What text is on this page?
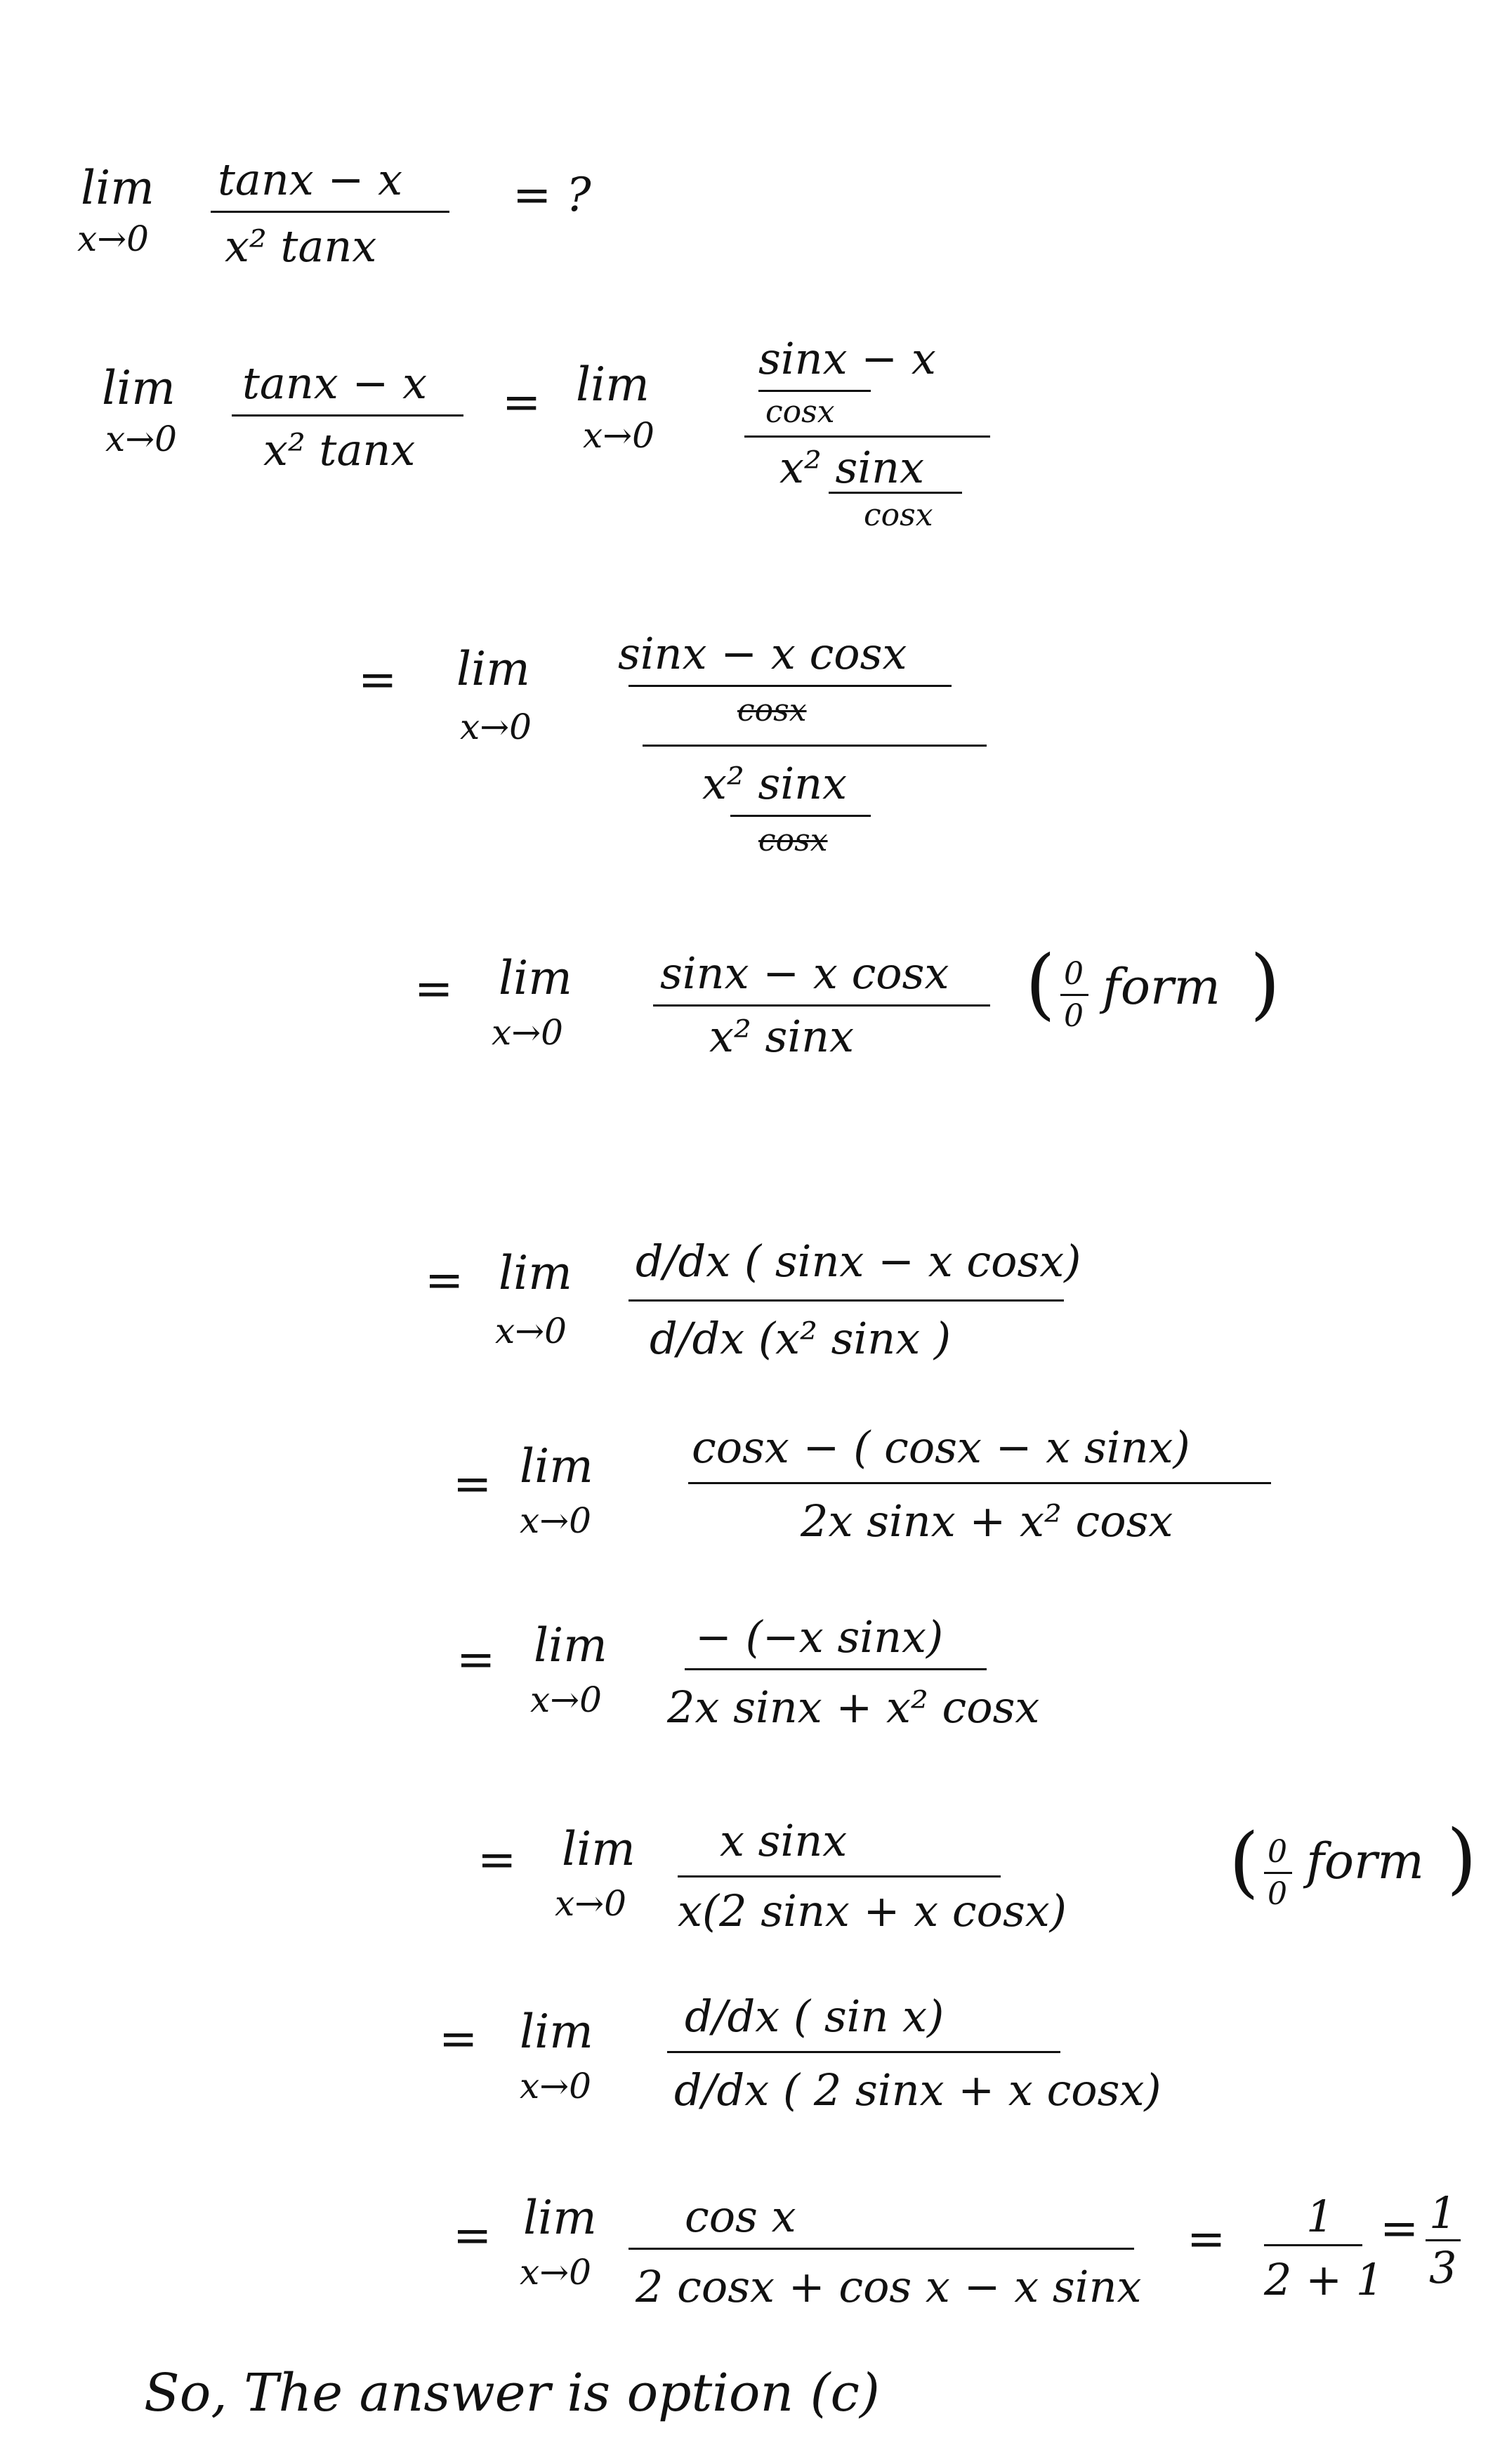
lim
x→0
tanx − x
x² tanx
= ?
lim
x→0
tanx − x
x² tanx
= lim
x→0
sinx − x
cosx
x² sinx
cosx
= lim
x→0
sinx − x cosx
cosx
x² sinx
cosx
= lim
x→0
sinx − x cosx
x² sinx
( 0
0
form )
= lim
x→0
d/dx ( sinx − x cosx)
d/dx (x² sinx )
= lim
x→0
cosx − ( cosx − x sinx)
2x sinx + x² cosx
= lim
x→0
− (−x sinx)
2x sinx + x² cosx
= lim
x→0
x sinx
x(2 sinx + x cosx)
( 0
0
form )
= lim
x→0
d/dx ( sin x)
d/dx ( 2 sinx + x cosx)
= lim
x→0
cos x
2 cosx + cos x − x sinx
= 1
2 + 1
= 1
3
So, The answer is option (c)
